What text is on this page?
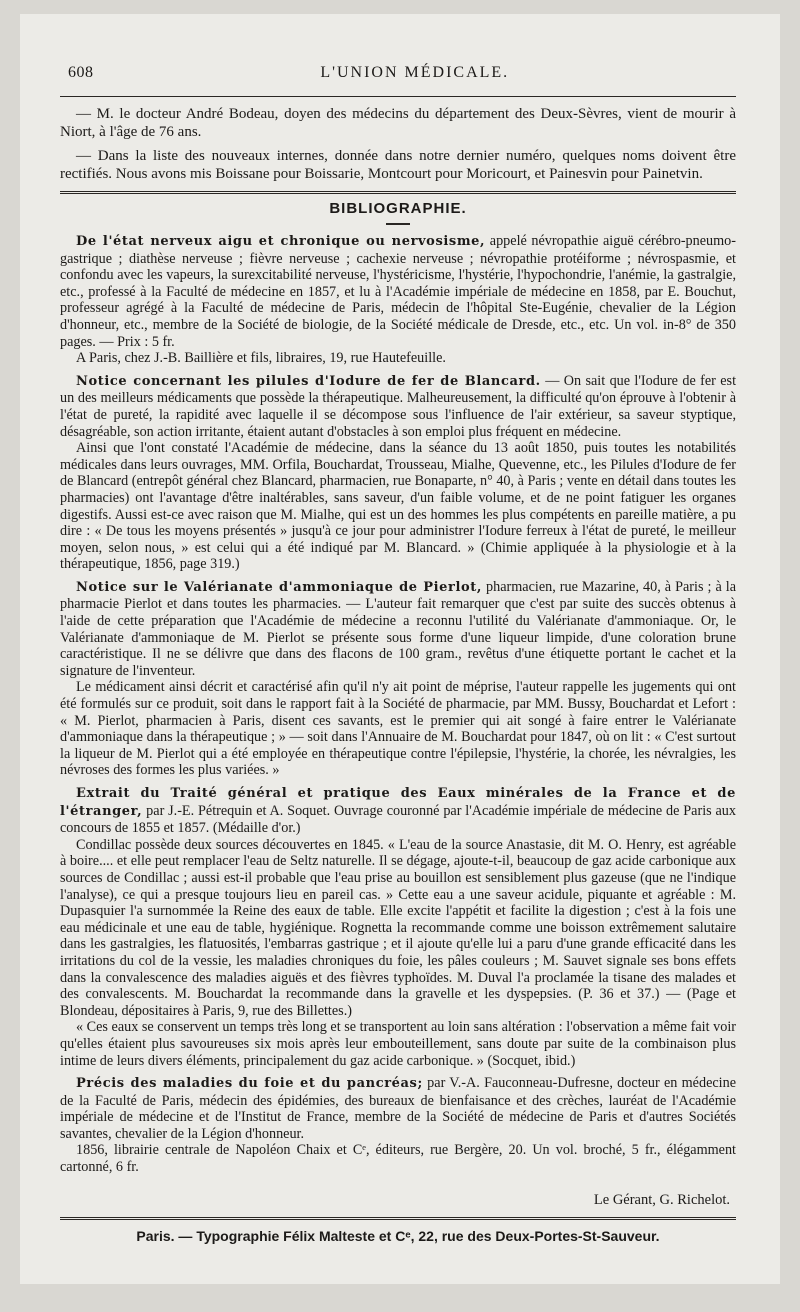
608	L'UNION MÉDICALE.

— M. le docteur André Bodeau, doyen des médecins du département des Deux-Sèvres, vient de mourir à Niort, à l'âge de 76 ans.

— Dans la liste des nouveaux internes, donnée dans notre dernier numéro, quelques noms doivent être rectifiés. Nous avons mis Boissane pour Boissarie, Montcourt pour Moricourt, et Painesvin pour Painetvin.

BIBLIOGRAPHIE.

De l'état nerveux aigu et chronique ou nervosisme, appelé névropathie aiguë cérébro-pneumo-gastrique ; diathèse nerveuse ; fièvre nerveuse ; cachexie nerveuse ; névropathie protéiforme ; névrospasmie, et confondu avec les vapeurs, la surexcitabilité nerveuse, l'hystéricisme, l'hystérie, l'hypochondrie, l'anémie, la gastralgie, etc., professé à la Faculté de médecine en 1857, et lu à l'Académie impériale de médecine en 1858, par E. Bouchut, professeur agrégé à la Faculté de médecine de Paris, médecin de l'hôpital Ste-Eugénie, chevalier de la Légion d'honneur, etc., membre de la Société de biologie, de la Société médicale de Dresde, etc., etc. Un vol. in-8° de 350 pages. — Prix : 5 fr.

A Paris, chez J.-B. Baillière et fils, libraires, 19, rue Hautefeuille.

Notice concernant les pilules d'Iodure de fer de Blancard. — On sait que l'Iodure de fer est un des meilleurs médicaments que possède la thérapeutique. Malheureusement, la difficulté qu'on éprouve à l'obtenir à l'état de pureté, la rapidité avec laquelle il se décompose sous l'influence de l'air extérieur, sa saveur styptique, désagréable, son action irritante, étaient autant d'obstacles à son emploi plus fréquent en médecine.

Ainsi que l'ont constaté l'Académie de médecine, dans la séance du 13 août 1850, puis toutes les notabilités médicales dans leurs ouvrages, MM. Orfila, Bouchardat, Trousseau, Mialhe, Quevenne, etc., les Pilules d'Iodure de fer de Blancard (entrepôt général chez Blancard, pharmacien, rue Bonaparte, n° 40, à Paris ; vente en détail dans toutes les pharmacies) ont l'avantage d'être inaltérables, sans saveur, d'un faible volume, et de ne point fatiguer les organes digestifs. Aussi est-ce avec raison que M. Mialhe, qui est un des hommes les plus compétents en pareille matière, a pu dire : « De tous les moyens présentés » jusqu'à ce jour pour administrer l'Iodure ferreux à l'état de pureté, le meilleur moyen, selon nous, » est celui qui a été indiqué par M. Blancard. » (Chimie appliquée à la physiologie et à la thérapeutique, 1856, page 319.)

Notice sur le Valérianate d'ammoniaque de Pierlot, pharmacien, rue Mazarine, 40, à Paris ; à la pharmacie Pierlot et dans toutes les pharmacies. — L'auteur fait remarquer que c'est par suite des succès obtenus à l'aide de cette préparation que l'Académie de médecine a reconnu l'utilité du Valérianate d'ammoniaque. Or, le Valérianate d'ammoniaque de M. Pierlot se présente sous forme d'une liqueur limpide, d'une coloration brune caractéristique. Il ne se délivre que dans des flacons de 100 gram., revêtus d'une étiquette portant le cachet et la signature de l'inventeur.

Le médicament ainsi décrit et caractérisé afin qu'il n'y ait point de méprise, l'auteur rappelle les jugements qui ont été formulés sur ce produit, soit dans le rapport fait à la Société de pharmacie, par MM. Bussy, Bouchardat et Lefort : « M. Pierlot, pharmacien à Paris, disent ces savants, est le premier qui ait songé à faire entrer le Valérianate d'ammoniaque dans la thérapeutique ; » — soit dans l'Annuaire de M. Bouchardat pour 1847, où on lit : « C'est surtout la liqueur de M. Pierlot qui a été employée en thérapeutique contre l'épilepsie, l'hystérie, la chorée, les névralgies, les névroses des formes les plus variées. »

Extrait du Traité général et pratique des Eaux minérales de la France et de l'étranger, par J.-E. Pétrequin et A. Soquet. Ouvrage couronné par l'Académie impériale de médecine de Paris aux concours de 1855 et 1857. (Médaille d'or.)

Condillac possède deux sources découvertes en 1845. « L'eau de la source Anastasie, dit M. O. Henry, est agréable à boire.... et elle peut remplacer l'eau de Seltz naturelle. Il se dégage, ajoute-t-il, beaucoup de gaz acide carbonique aux sources de Condillac ; aussi est-il probable que l'eau prise au bouillon est sensiblement plus gazeuse (que ne l'indique l'analyse), ce qui a presque toujours lieu en pareil cas. » Cette eau a une saveur acidule, piquante et agréable : M. Dupasquier l'a surnommée la Reine des eaux de table. Elle excite l'appétit et facilite la digestion ; c'est à la fois une eau médicinale et une eau de table, hygiénique. Rognetta la recommande comme une boisson extrêmement salutaire dans les gastralgies, les flatuosités, l'embarras gastrique ; et il ajoute qu'elle lui a paru d'une grande efficacité dans les irritations du col de la vessie, les maladies chroniques du foie, les pâles couleurs ; M. Sauvet signale ses bons effets dans la convalescence des maladies aiguës et des fièvres typhoïdes. M. Duval l'a proclamée la tisane des malades et des convalescents. M. Bouchardat la recommande dans la gravelle et les dyspepsies. (P. 36 et 37.) — (Page et Blondeau, dépositaires à Paris, 9, rue des Billettes.)

« Ces eaux se conservent un temps très long et se transportent au loin sans altération : l'observation a même fait voir qu'elles étaient plus savoureuses six mois après leur embouteillement, sans doute par suite de la combinaison plus intime de leurs divers éléments, principalement du gaz acide carbonique. » (Socquet, ibid.)

Précis des maladies du foie et du pancréas; par V.-A. Fauconneau-Dufresne, docteur en médecine de la Faculté de Paris, médecin des épidémies, des bureaux de bienfaisance et des crèches, lauréat de l'Académie impériale de médecine et de l'Institut de France, membre de la Société de médecine de Paris et d'autres Sociétés savantes, chevalier de la Légion d'honneur.

1856, librairie centrale de Napoléon Chaix et Cᵉ, éditeurs, rue Bergère, 20. Un vol. broché, 5 fr., élégamment cartonné, 6 fr.

Le Gérant, G. Richelot.
Paris. — Typographie Félix Malteste et Cᵉ, 22, rue des Deux-Portes-St-Sauveur.
